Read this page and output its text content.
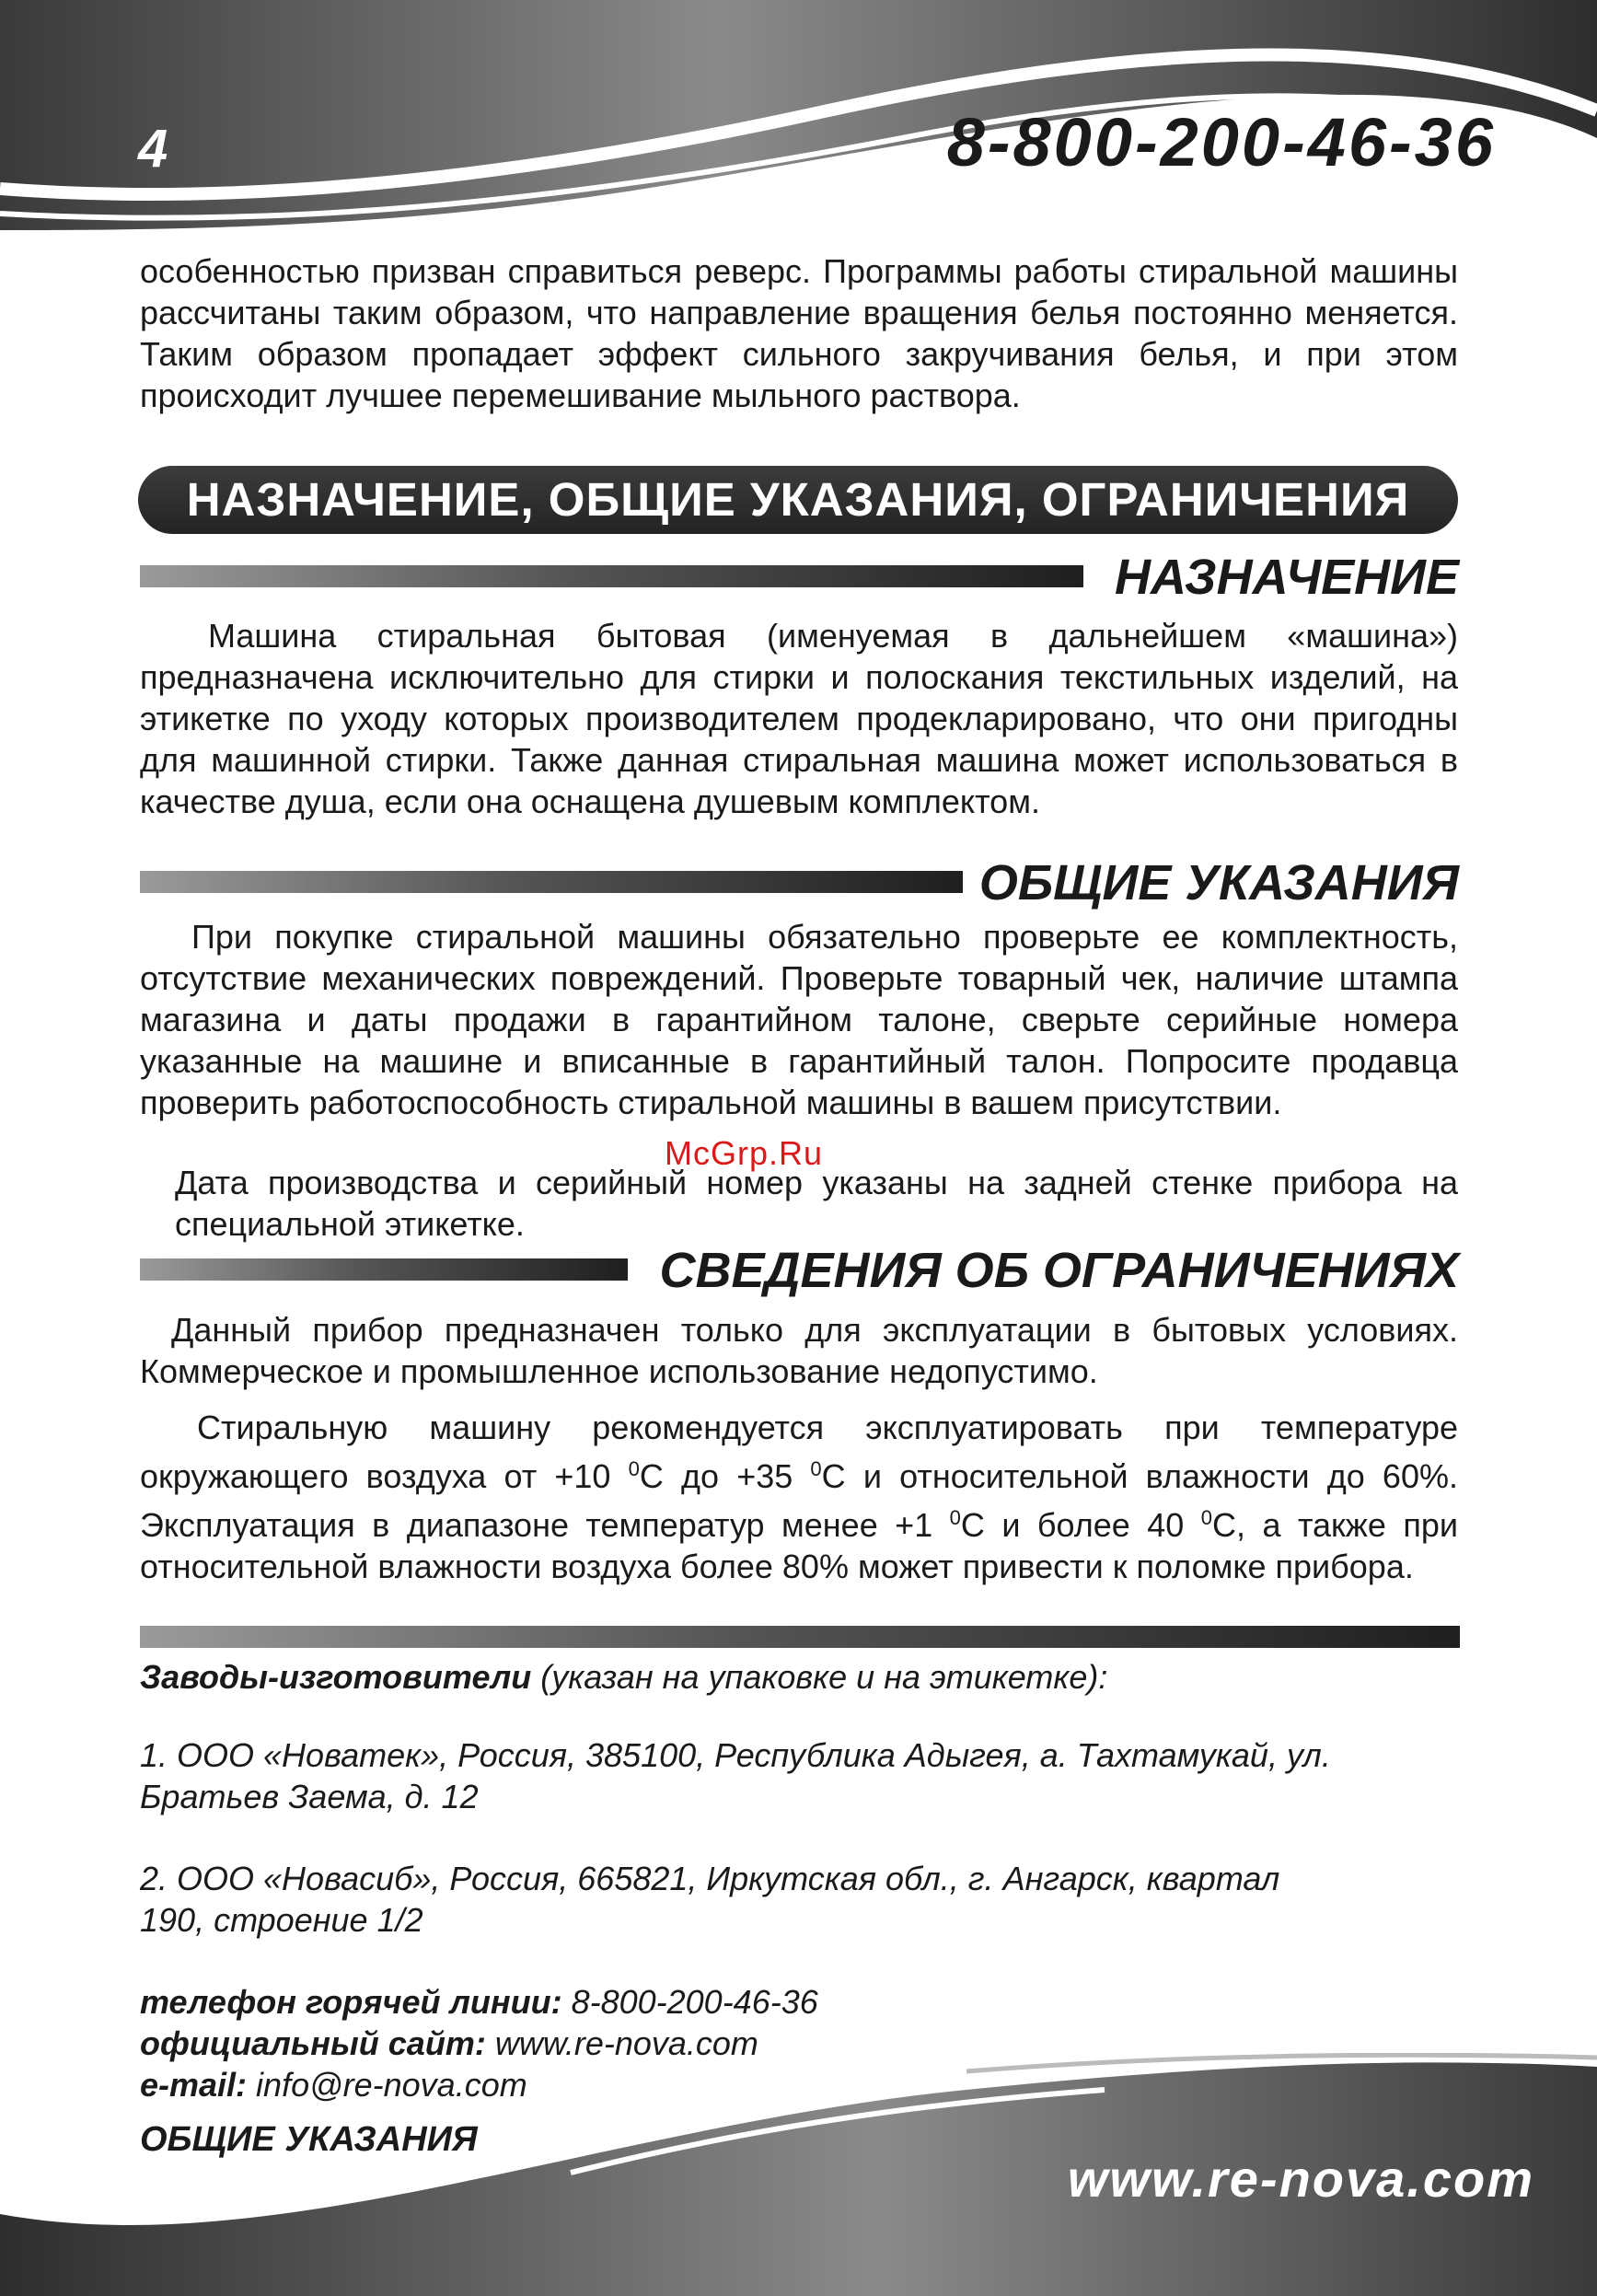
4	8-800-200-46-36

особенностью призван справиться реверс. Программы работы стиральной машины рассчитаны таким образом, что направление вращения белья постоянно меняется. Таким образом пропадает эффект сильного закручивания белья, и при этом происходит лучшее перемешивание мыльного раствора.

НАЗНАЧЕНИЕ, ОБЩИЕ УКАЗАНИЯ, ОГРАНИЧЕНИЯ
НАЗНАЧЕНИЕ

Машина стиральная бытовая (именуемая в дальнейшем «машина») предназначена исключительно для стирки и полоскания текстильных изделий, на этикетке по уходу которых производителем продекларировано, что они пригодны для машинной стирки. Также данная стиральная машина может использоваться в качестве душа, если она оснащена душевым комплектом.

ОБЩИЕ УКАЗАНИЯ

При покупке стиральной машины обязательно проверьте ее комплектность, отсутствие механических повреждений. Проверьте товарный чек, наличие штампа магазина и даты продажи в гарантийном талоне, сверьте серийные номера указанные на машине и вписанные в гарантийный талон. Попросите продавца проверить работоспособность стиральной машины в вашем присутствии.

Дата производства и серийный номер указаны на задней стенке прибора на специальной этикетке.

McGrp.Ru
СВЕДЕНИЯ ОБ ОГРАНИЧЕНИЯХ

Данный прибор предназначен только для эксплуатации в бытовых условиях. Коммерческое и промышленное использование недопустимо.

Стиральную машину рекомендуется эксплуатировать при температуре окружающего воздуха от +10 $^0$С до +35 $^0$С и относительной влажности до 60%. Эксплуатация в диапазоне температур менее +1 $^0$С и более 40 $^0$С, а также при относительной влажности воздуха более 80% может привести к поломке прибора.

Заводы-изготовители (указан на упаковке и на этикетке):

1. ООО «Новатек», Россия, 385100, Республика Адыгея, а. Тахтамукай, ул. Братьев Заема, д. 12

2. ООО «Новасиб», Россия, 665821, Иркутская обл., г. Ангарск, квартал 190, строение 1/2

телефон горячей линии: 8-800-200-46-36

официальный сайт: www.re-nova.com

e-mail: info@re-nova.com

ОБЩИЕ УКАЗАНИЯ
www.re-nova.com
